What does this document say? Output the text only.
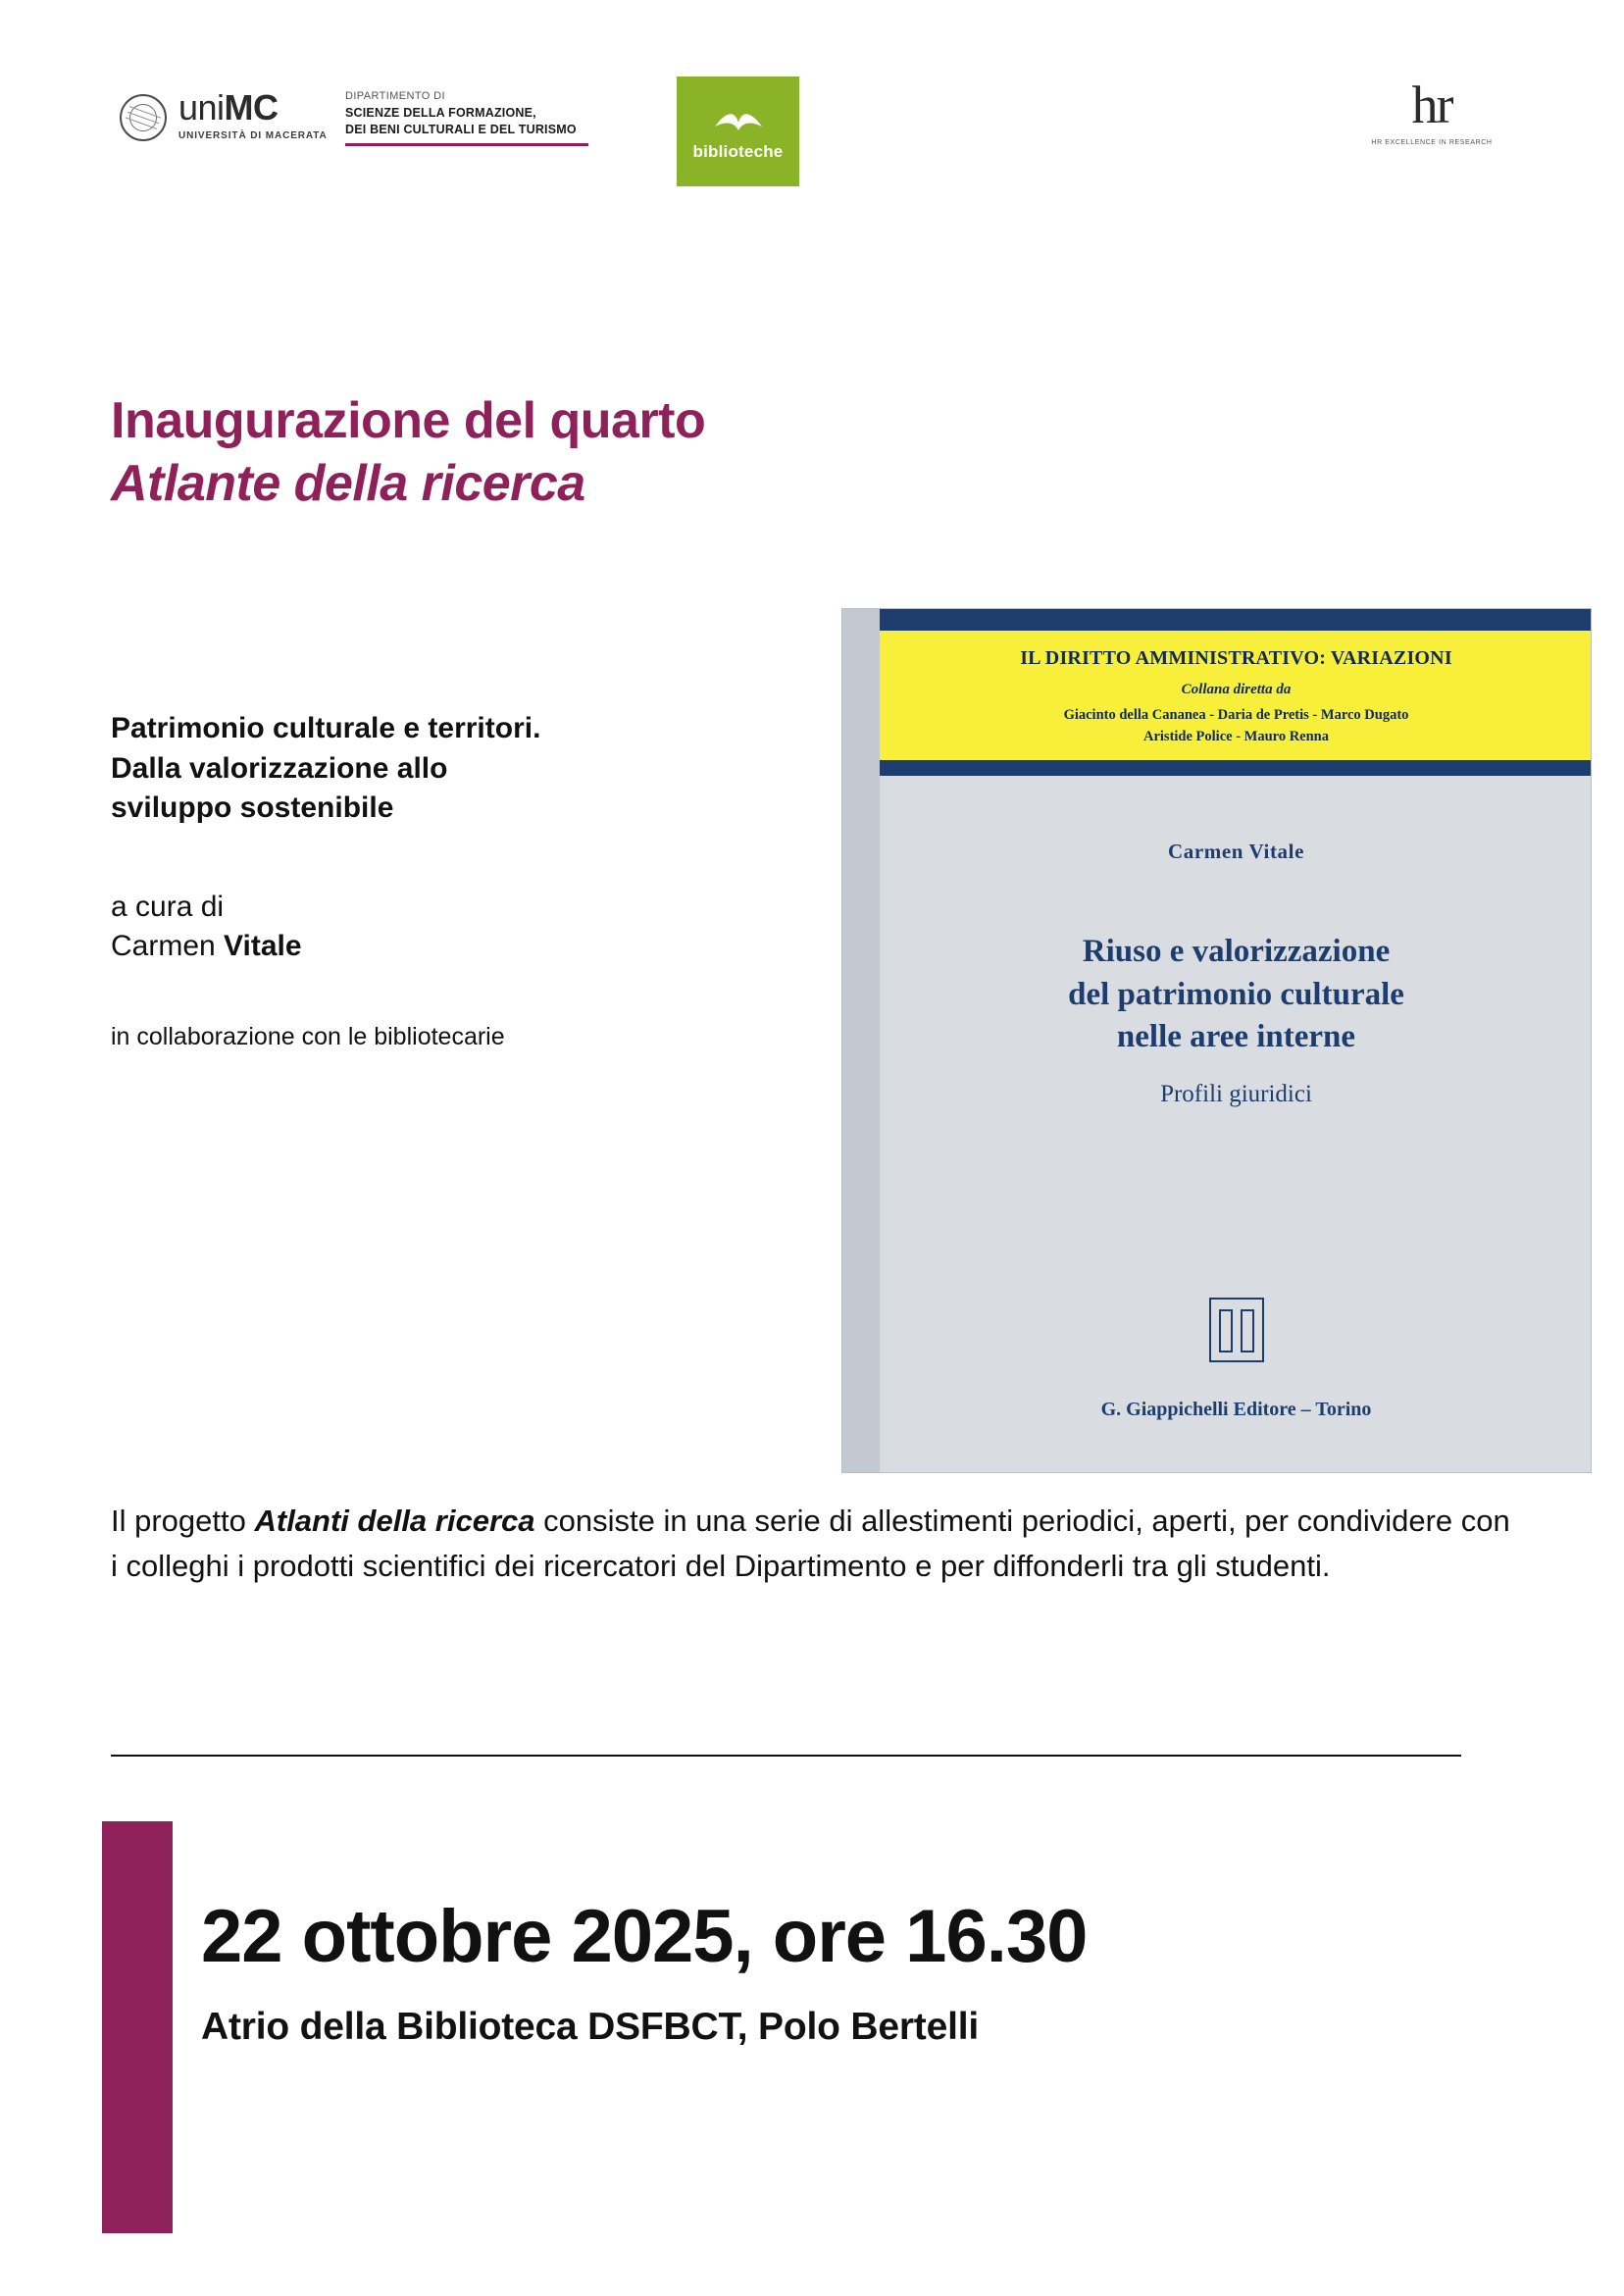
uniMC
UNIVERSITÀ DI MACERATA
DIPARTIMENTO DI
SCIENZE DELLA FORMAZIONE,
DEI BENI CULTURALI E DEL TURISMO
biblioteche
hr
HR EXCELLENCE IN RESEARCH
Inaugurazione del quarto
Atlante della ricerca
Patrimonio culturale e territori. Dalla valorizzazione allo sviluppo sostenibile
a cura di
Carmen Vitale
in collaborazione con le bibliotecarie
IL DIRITTO AMMINISTRATIVO: VARIAZIONI
Collana diretta da
Giacinto della Cananea - Daria de Pretis - Marco Dugato
Aristide Police - Mauro Renna
Carmen Vitale
Riuso e valorizzazione
del patrimonio culturale
nelle aree interne
Profili giuridici
G. Giappichelli Editore – Torino
Il progetto Atlanti della ricerca consiste in una serie di allestimenti periodici, aperti, per condividere con i colleghi i prodotti scientifici dei ricercatori del Dipartimento e per diffonderli tra gli studenti.
22 ottobre 2025, ore 16.30
Atrio della Biblioteca DSFBCT, Polo Bertelli
